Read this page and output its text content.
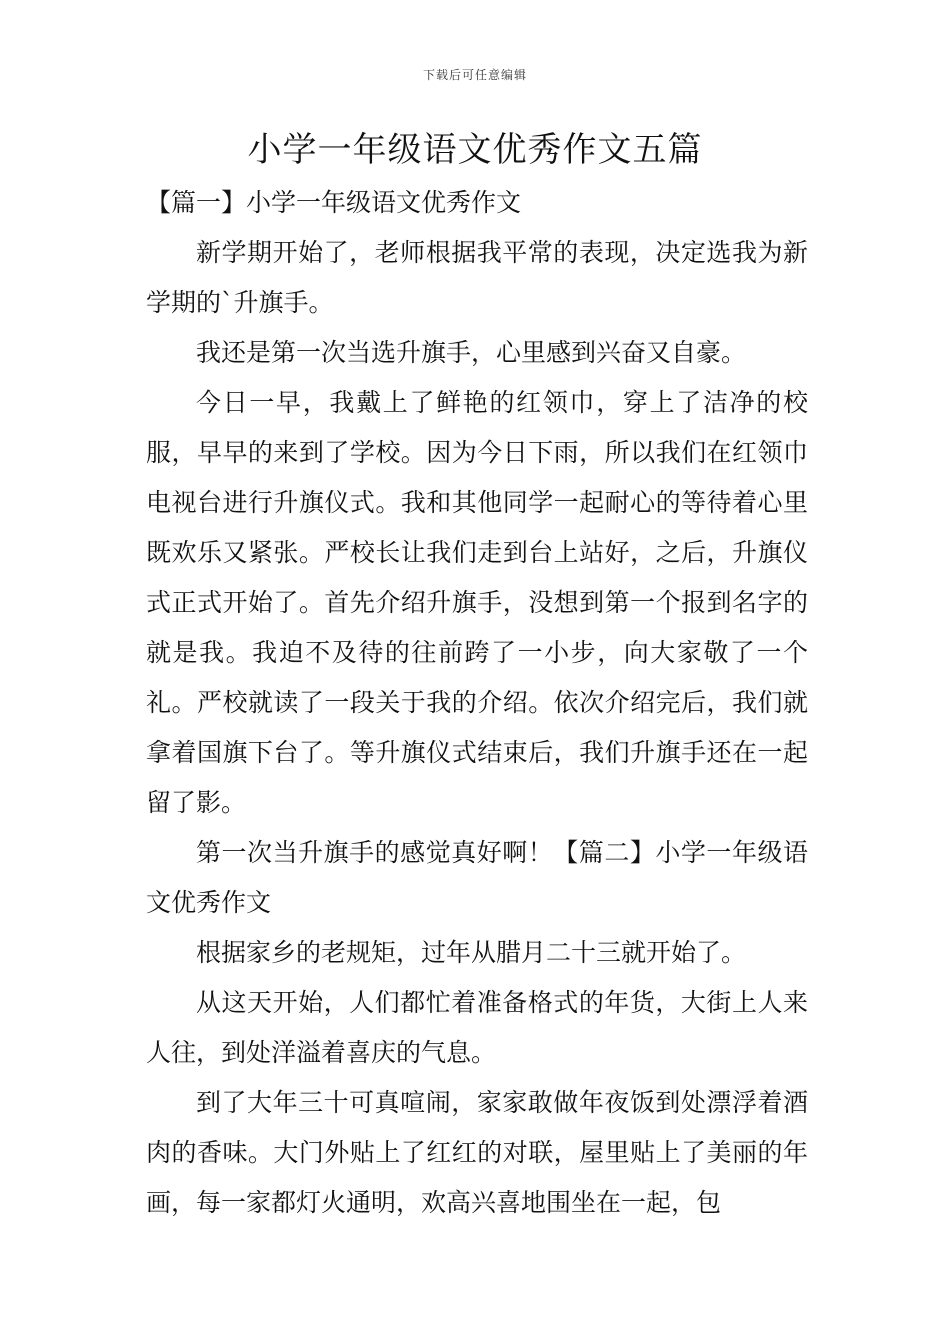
下载后可任意编辑
小学一年级语文优秀作文五篇

【篇一】小学一年级语文优秀作文

新学期开始了，老师根据我平常的表现，决定选我为新学期的`升旗手。

我还是第一次当选升旗手，心里感到兴奋又自豪。

今日一早，我戴上了鲜艳的红领巾，穿上了洁净的校服，早早的来到了学校。因为今日下雨，所以我们在红领巾电视台进行升旗仪式。我和其他同学一起耐心的等待着心里既欢乐又紧张。严校长让我们走到台上站好，之后，升旗仪式正式开始了。首先介绍升旗手，没想到第一个报到名字的就是我。我迫不及待的往前跨了一小步，向大家敬了一个礼。严校就读了一段关于我的介绍。依次介绍完后，我们就拿着国旗下台了。等升旗仪式结束后，我们升旗手还在一起留了影。

第一次当升旗手的感觉真好啊！【篇二】小学一年级语文优秀作文

根据家乡的老规矩，过年从腊月二十三就开始了。

从这天开始，人们都忙着准备格式的年货，大街上人来人往，到处洋溢着喜庆的气息。

到了大年三十可真喧闹，家家敢做年夜饭到处漂浮着酒肉的香味。大门外贴上了红红的对联，屋里贴上了美丽的年画，每一家都灯火通明，欢高兴喜地围坐在一起，包
